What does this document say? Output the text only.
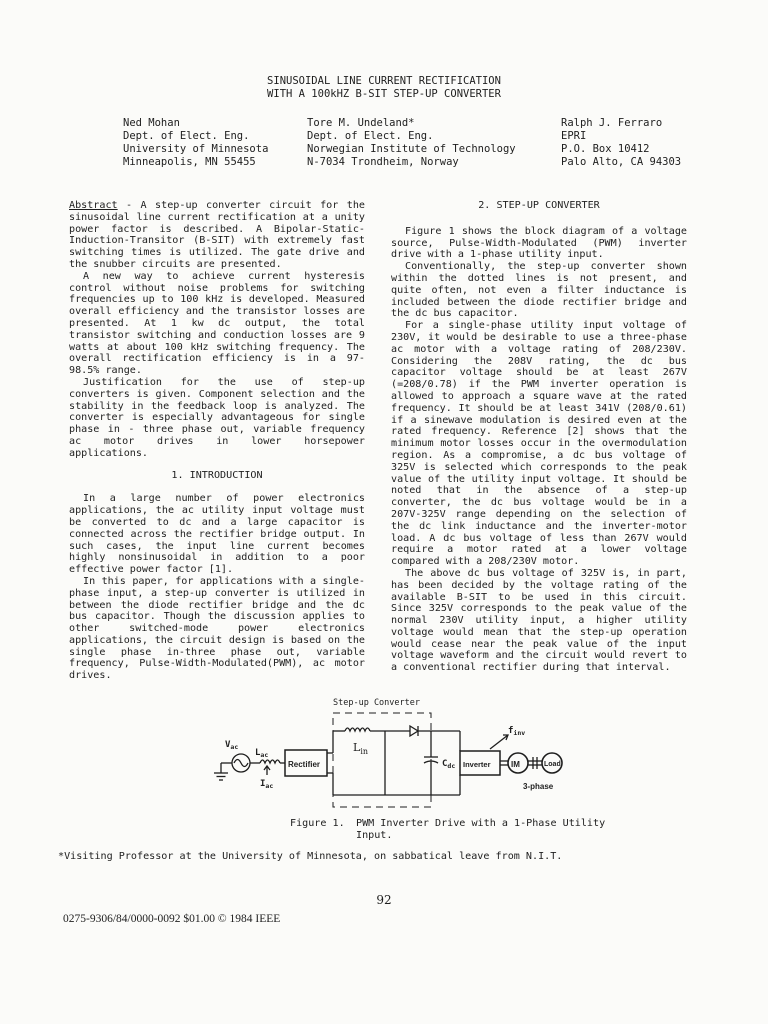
SINUSOIDAL LINE CURRENT RECTIFICATION
WITH A 100kHZ B-SIT STEP-UP CONVERTER
Ned Mohan
Dept. of Elect. Eng.
University of Minnesota
Minneapolis, MN 55455
Tore M. Undeland*
Dept. of Elect. Eng.
Norwegian Institute of Technology
N-7034 Trondheim, Norway
Ralph J. Ferraro
EPRI
P.O. Box 10412
Palo Alto, CA 94303

Abstract - A step-up converter circuit for the sinusoidal line current rectification at a unity power factor is described. A Bipolar-Static-Induction-Transitor (B-SIT) with extremely fast switching times is utilized. The gate drive and the snubber circuits are presented.

A new way to achieve current hysteresis control without noise problems for switching frequencies up to 100 kHz is developed. Measured overall efficiency and the transistor losses are presented. At 1 kw dc output, the total transistor switching and conduction losses are 9 watts at about 100 kHz switching frequency. The overall rectification efficiency is in a 97-98.5% range.

Justification for the use of step-up converters is given. Component selection and the stability in the feedback loop is analyzed. The converter is especially advantageous for single phase in - three phase out, variable frequency ac motor drives in lower horsepower applications.

1. INTRODUCTION

In a large number of power electronics applications, the ac utility input voltage must be converted to dc and a large capacitor is connected across the rectifier bridge output. In such cases, the input line current becomes highly nonsinusoidal in addition to a poor effective power factor [1].

In this paper, for applications with a single-phase input, a step-up converter is utilized in between the diode rectifier bridge and the dc bus capacitor. Though the discussion applies to other switched-mode power electronics applications, the circuit design is based on the single phase in-three phase out, variable frequency, Pulse-Width-Modulated(PWM), ac motor drives.

2. STEP-UP CONVERTER

Figure 1 shows the block diagram of a voltage source, Pulse-Width-Modulated (PWM) inverter drive with a 1-phase utility input.

Conventionally, the step-up converter shown within the dotted lines is not present, and quite often, not even a filter inductance is included between the diode rectifier bridge and the dc bus capacitor.

For a single-phase utility input voltage of 230V, it would be desirable to use a three-phase ac motor with a voltage rating of 208/230V. Considering the 208V rating, the dc bus capacitor voltage should be at least 267V (=208/0.78) if the PWM inverter operation is allowed to approach a square wave at the rated frequency. It should be at least 341V (208/0.61) if a sinewave modulation is desired even at the rated frequency. Reference [2] shows that the minimum motor losses occur in the overmodulation region. As a compromise, a dc bus voltage of 325V is selected which corresponds to the peak value of the utility input voltage. It should be noted that in the absence of a step-up converter, the dc bus voltage would be in a 207V-325V range depending on the selection of the dc link inductance and the inverter-motor load. A dc bus voltage of less than 267V would require a motor rated at a lower voltage compared with a 208/230V motor.

The above dc bus voltage of 325V is, in part, has been decided by the voltage rating of the available B-SIT to be used in this circuit. Since 325V corresponds to the peak value of the normal 230V utility input, a higher utility voltage would mean that the step-up operation would cease near the peak value of the input voltage waveform and the circuit would revert to a conventional rectifier during that interval.

Step-up Converter
$V_{ac}$
$L_{ac}$
$I_{ac}$
Rectifier
$L_{in}$
$C_{dc}$ Inverter
$f_{inv}$
IM	Load
3-phase
Figure 1.	PWM Inverter Drive with a 1-Phase Utility Input.
*Visiting Professor at the University of Minnesota, on sabbatical leave from N.I.T.
92
0275-9306/84/0000-0092 $01.00 © 1984 IEEE
